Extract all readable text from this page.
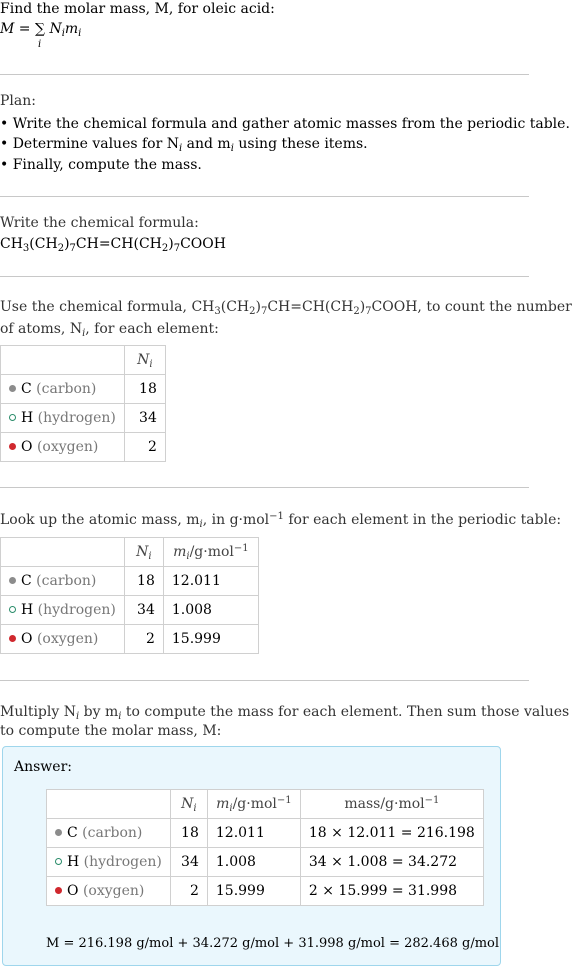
Find the molar mass, M, for oleic acid:
M = ∑
i
$N_im_i$
Plan:
• Write the chemical formula and gather atomic masses from the periodic table.
• Determine values for $N_i$ and $m_i$ using these items.
• Finally, compute the mass.
Write the chemical formula:
$CH_3(CH_2)_7CH=CH(CH_2)_7COOH$
Use the chemical formula, $CH_3(CH_2)_7CH=CH(CH_2)_7COOH$, to count the number
of atoms, $N_i$, for each element:
	$N_i$
C (carbon)	18
H (hydrogen)	34
O (oxygen)	2
Look up the atomic mass, $m_i$, in g·mol$^{-1}$ for each element in the periodic table:
	$N_i$	$m_i/g\cdot mol^{-1}$
C (carbon)	18	12.011
H (hydrogen)	34	1.008
O (oxygen)	2	15.999
Multiply $N_i$ by $m_i$ to compute the mass for each element. Then sum those values
to compute the molar mass, M:
Answer:
	$N_i$	$m_i/g\cdot mol^{-1}$	mass/g·mol$^{-1}$
C (carbon)	18	12.011	18 × 12.011 = 216.198
H (hydrogen)	34	1.008	34 × 1.008 = 34.272
O (oxygen)	2	15.999	2 × 15.999 = 31.998
M = 216.198 g/mol + 34.272 g/mol + 31.998 g/mol = 282.468 g/mol
